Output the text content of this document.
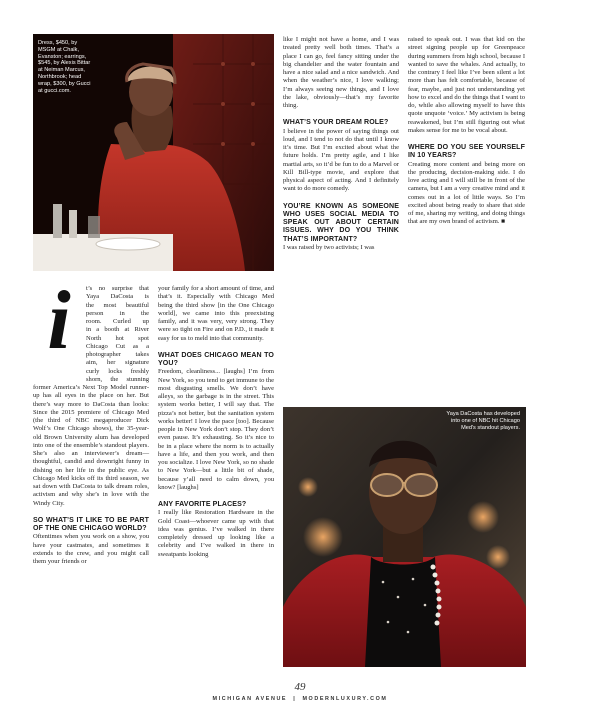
Dress, $450, by MSGM at Chalk, Evanston; earrings, $545, by Alexis Bittar at Neiman Marcus, Northbrook; head wrap, $300, by Gucci at gucci.com.
i	t’s no surprise that
Yaya DaCosta is
the most beautiful
person in the
room. Curled up
in a booth at River
North hot spot
Chicago Cut as a
photographer takes
aim, her signature
curly locks freshly
shorn, the stunning

former America’s Next Top Model runner-up has all eyes in the place on her. But there’s way more to DaCosta than looks: Since the 2015 premiere of Chicago Med (the third of NBC megaproducer Dick Wolf’s One Chicago shows), the 35-year-old Brown University alum has developed into one of the ensemble’s standout players. She’s also an interviewer’s dream—thoughtful, candid and downright funny in dishing on her life in the public eye. As Chicago Med kicks off its third season, we sat down with DaCosta to talk dream roles, activism and why she’s in love with the Windy City.

SO WHAT’S IT LIKE TO BE PART OF THE ONE CHICAGO WORLD?

Oftentimes when you work on a show, you have your castmates, and sometimes it extends to the crew, and you might call them your friends or

your family for a short amount of time, and that’s it. Especially with Chicago Med being the third show [in the One Chicago world], we came into this preexisting family, and it was very, very strong. They were so tight on Fire and on P.D., it made it easy for us to meld into that community.

WHAT DOES CHICAGO MEAN TO YOU?

Freedom, cleanliness... [laughs] I’m from New York, so you tend to get immune to the most disgusting smells. We don’t have alleys, so the garbage is in the street. This system works better, I will say that. The pizza’s not better, but the sanitation system works better! I love the pace [too]. Because people in New York don’t stop. They don’t even pause. It’s exhausting. So it’s nice to be in a place where the norm is to actually have a life, and then you work, and then you socialize. I love New York, so no shade to New York—but a little bit of shade, because y’all need to calm down, you know? [laughs]

ANY FAVORITE PLACES?

I really like Restoration Hardware in the Gold Coast—whoever came up with that idea was genius. I’ve walked in there completely dressed up looking like a celebrity and I’ve walked in there in sweatpants looking

like I might not have a home, and I was treated pretty well both times. That’s a place I can go, feel fancy sitting under the big chandelier and the water fountain and have a nice salad and a nice sandwich. And when the weather’s nice, I love walking; I’m always seeing new things, and I love the lake, obviously—that’s my favorite thing.

WHAT’S YOUR DREAM ROLE?

I believe in the power of saying things out loud, and I tend to not do that until I know it’s time. But I’m excited about what the future holds. I’m pretty agile, and I like martial arts, so it’d be fun to do a Marvel or Kill Bill-type movie, and explore that physical aspect of acting. And I definitely want to do more comedy.

YOU’RE KNOWN AS SOMEONE WHO USES SOCIAL MEDIA TO SPEAK OUT ABOUT CERTAIN ISSUES. WHY DO YOU THINK THAT’S IMPORTANT?

I was raised by two activists; I was

raised to speak out. I was that kid on the street signing people up for Greenpeace during summers from high school, because I wanted to save the whales. And actually, to the contrary I feel like I’ve been silent a lot more than has felt comfortable, because of fear, maybe, and just not understanding yet how to excel and do the things that I want to do, while also allowing myself to have this quote unquote ‘voice.’ My activism is being reawakened, but I’m still figuring out what makes sense for me to be vocal about.

WHERE DO YOU SEE YOURSELF IN 10 YEARS?

Creating more content and being more on the producing, decision-making side. I do love acting and I will still be in front of the camera, but I am a very creative mind and it comes out in a lot of little ways. So I’m excited about being ready to share that side of me, sharing my writing, and doing things that are my own brand of activism. ■

Yaya DaCosta has developed into one of NBC hit Chicago Med's standout players.
49
MICHIGAN AVENUE | MODERNLUXURY.COM
